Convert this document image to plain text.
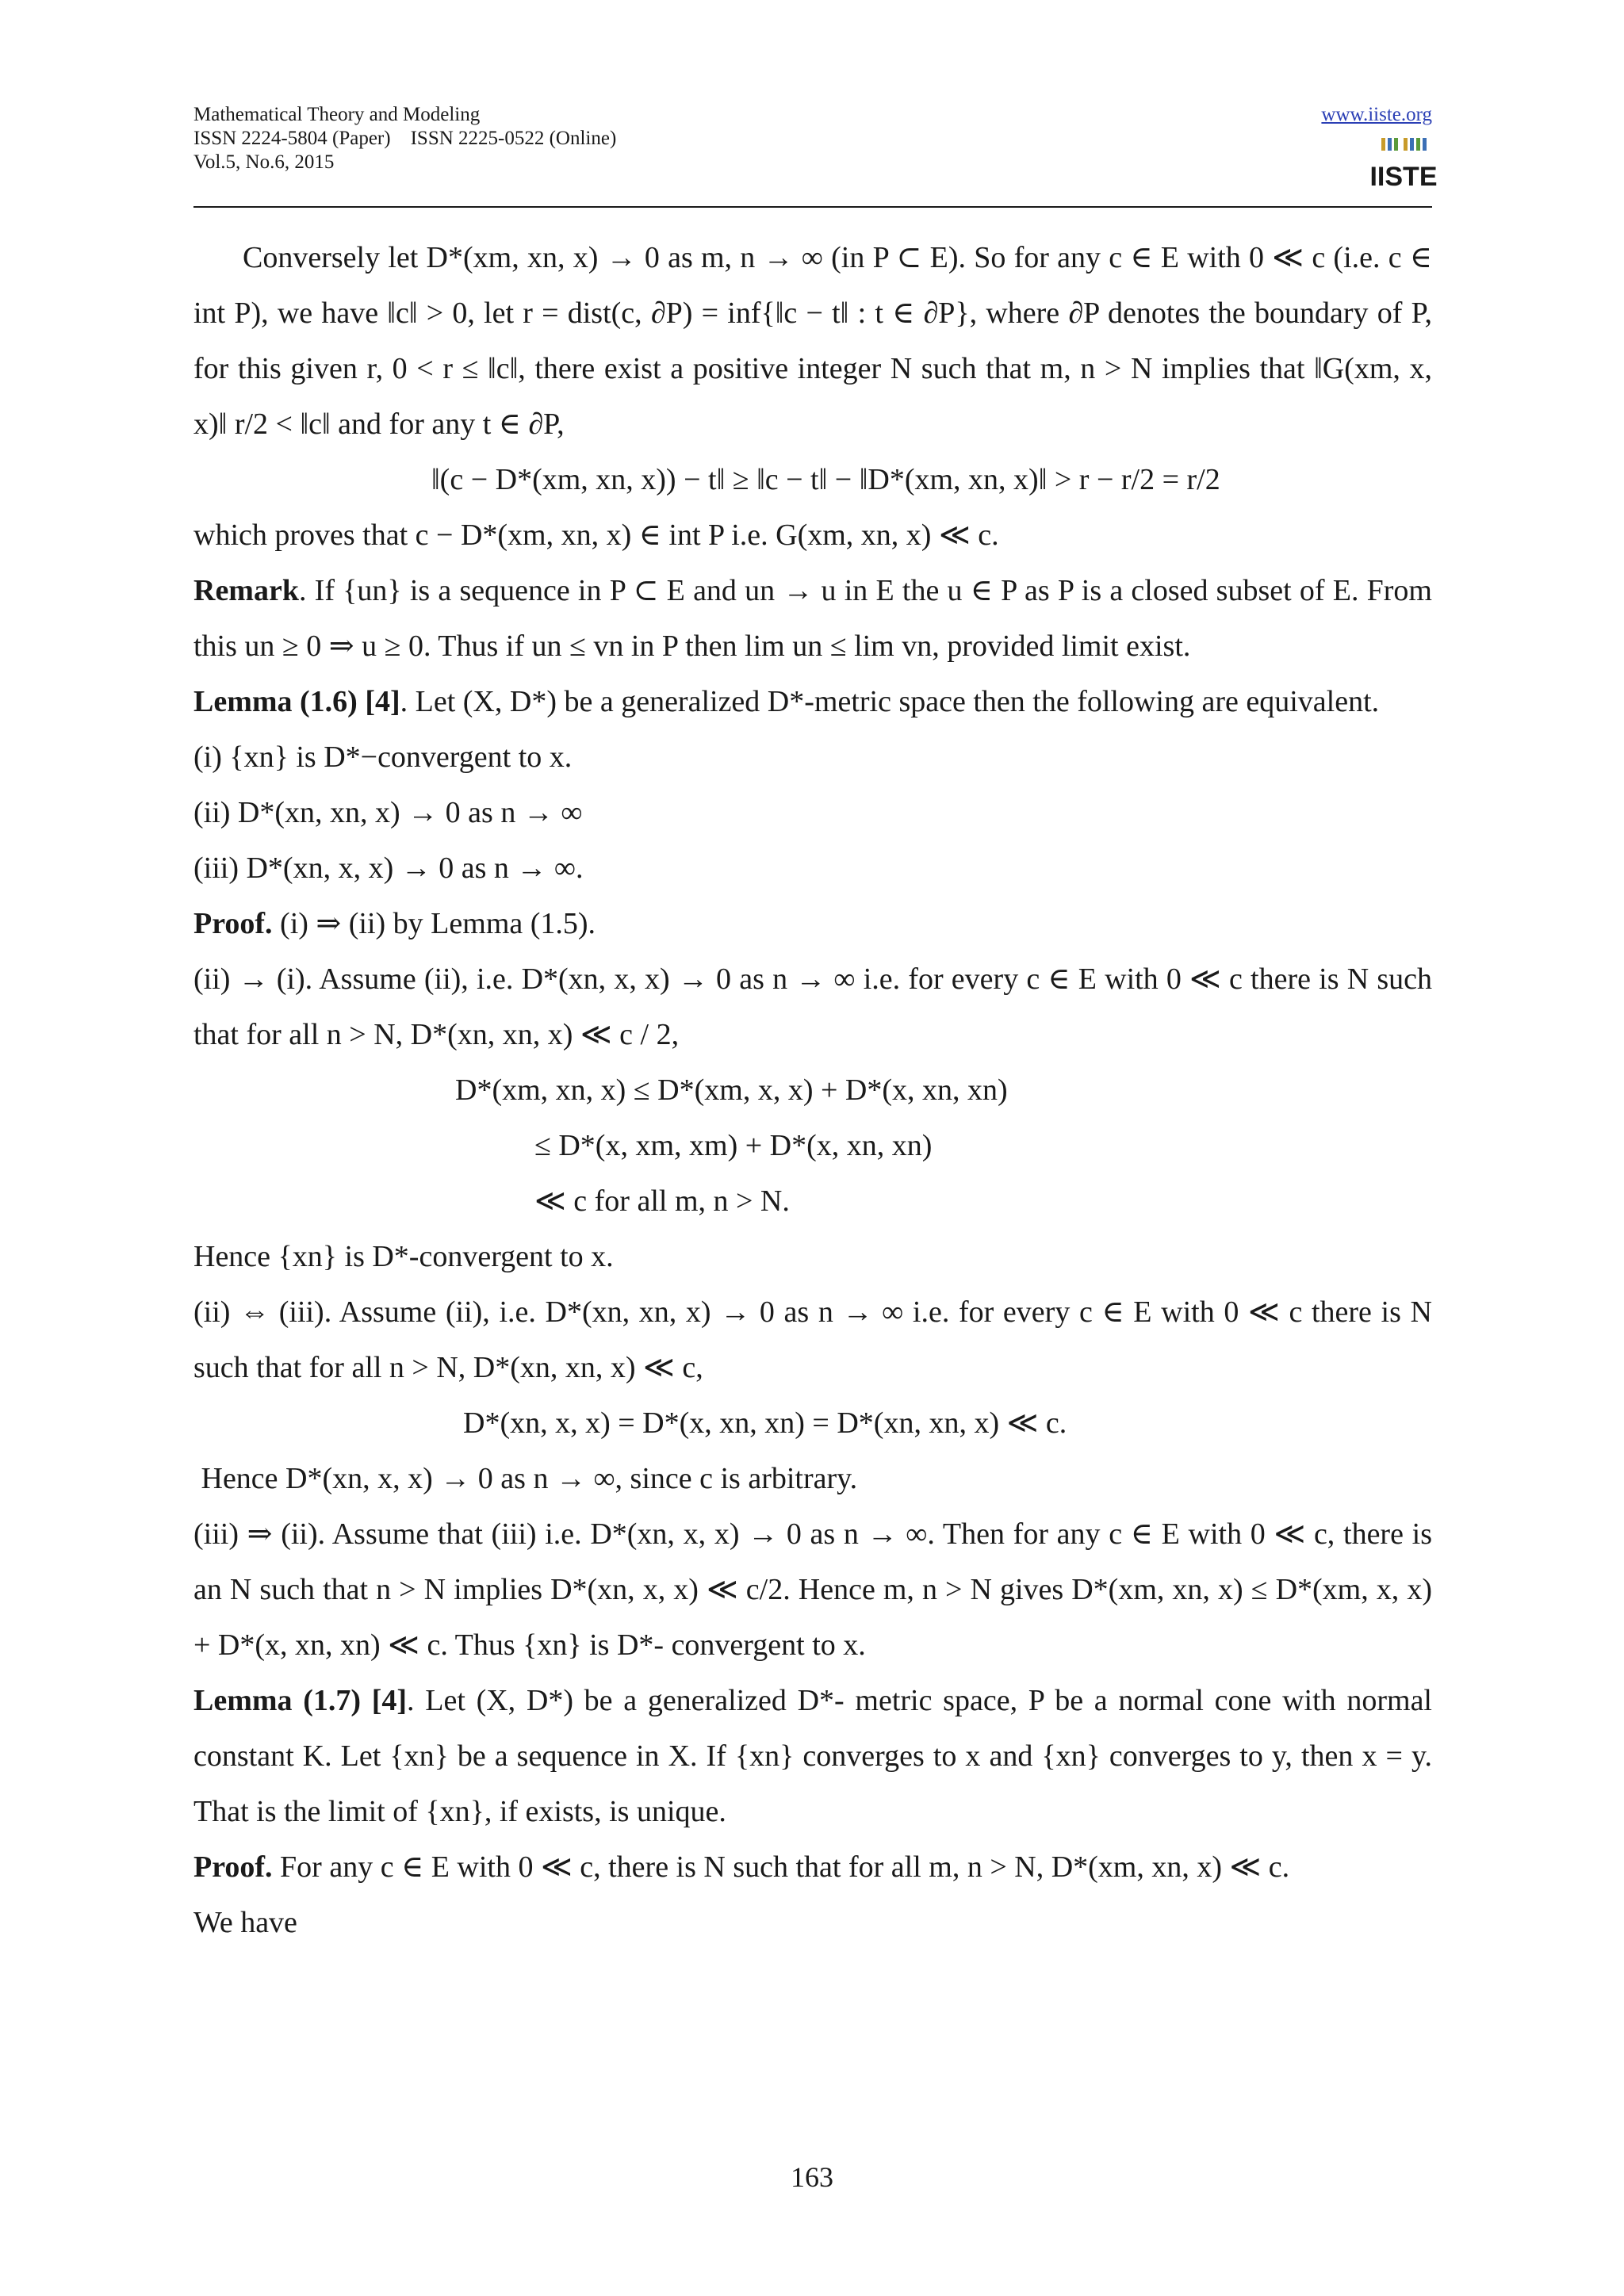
Mathematical Theory and Modeling
ISSN 2224-5804 (Paper)    ISSN 2225-0522 (Online)
Vol.5, No.6, 2015
www.iiste.org
IISTE

Conversely let D*(xm, xn, x) → 0 as m, n → ∞ (in P ⊂ E). So for any c ∈ E with 0 ≪ c (i.e. c ∈ int P), we have ‖c‖ > 0, let r = dist(c, ∂P) = inf{‖c − t‖ : t ∈ ∂P}, where ∂P denotes the boundary of P, for this given r, 0 < r ≤ ‖c‖, there exist a positive integer N such that m, n > N implies that ‖G(xm, x, x)‖ r/2 < ‖c‖ and for any t ∈ ∂P,

‖(c − D*(xm, xn, x)) − t‖ ≥ ‖c − t‖ − ‖D*(xm, xn, x)‖ > r − r/2 = r/2

which proves that c − D*(xm, xn, x) ∈ int P i.e. G(xm, xn, x) ≪ c.

Remark. If {un} is a sequence in P ⊂ E and un → u in E the u ∈ P as P is a closed subset of E. From this un ≥ 0 ⇒ u ≥ 0. Thus if un ≤ vn in P then lim un ≤ lim vn, provided limit exist.

Lemma (1.6) [4]. Let (X, D*) be a generalized D*-metric space then the following are equivalent.

(i) {xn} is D*−convergent to x.

(ii) D*(xn, xn, x) → 0 as n → ∞

(iii) D*(xn, x, x) → 0 as n → ∞.

Proof. (i) ⇒ (ii) by Lemma (1.5).

(ii) → (i). Assume (ii), i.e. D*(xn, x, x) → 0 as n → ∞ i.e. for every c ∈ E with 0 ≪ c there is N such that for all n > N, D*(xn, xn, x) ≪ c / 2,

D*(xm, xn, x) ≤ D*(xm, x, x) + D*(x, xn, xn)

≤ D*(x, xm, xm) + D*(x, xn, xn)

≪ c for all m, n > N.

Hence {xn} is D*-convergent to x.

(ii) ⇔ (iii). Assume (ii), i.e. D*(xn, xn, x) → 0 as n → ∞ i.e. for every c ∈ E with 0 ≪ c there is N such that for all n > N, D*(xn, xn, x) ≪ c,

D*(xn, x, x) = D*(x, xn, xn) = D*(xn, xn, x) ≪ c.

Hence D*(xn, x, x) → 0 as n → ∞, since c is arbitrary.

(iii) ⇒ (ii). Assume that (iii) i.e. D*(xn, x, x) → 0 as n → ∞. Then for any c ∈ E with 0 ≪ c, there is an N such that n > N implies D*(xn, x, x) ≪ c/2. Hence m, n > N gives D*(xm, xn, x) ≤ D*(xm, x, x) + D*(x, xn, xn) ≪ c. Thus {xn} is D*- convergent to x.

Lemma (1.7) [4]. Let (X, D*) be a generalized D*- metric space, P be a normal cone with normal constant K. Let {xn} be a sequence in X. If {xn} converges to x and {xn} converges to y, then x = y. That is the limit of {xn}, if exists, is unique.

Proof. For any c ∈ E with 0 ≪ c, there is N such that for all m, n > N, D*(xm, xn, x) ≪ c.

We have

163
